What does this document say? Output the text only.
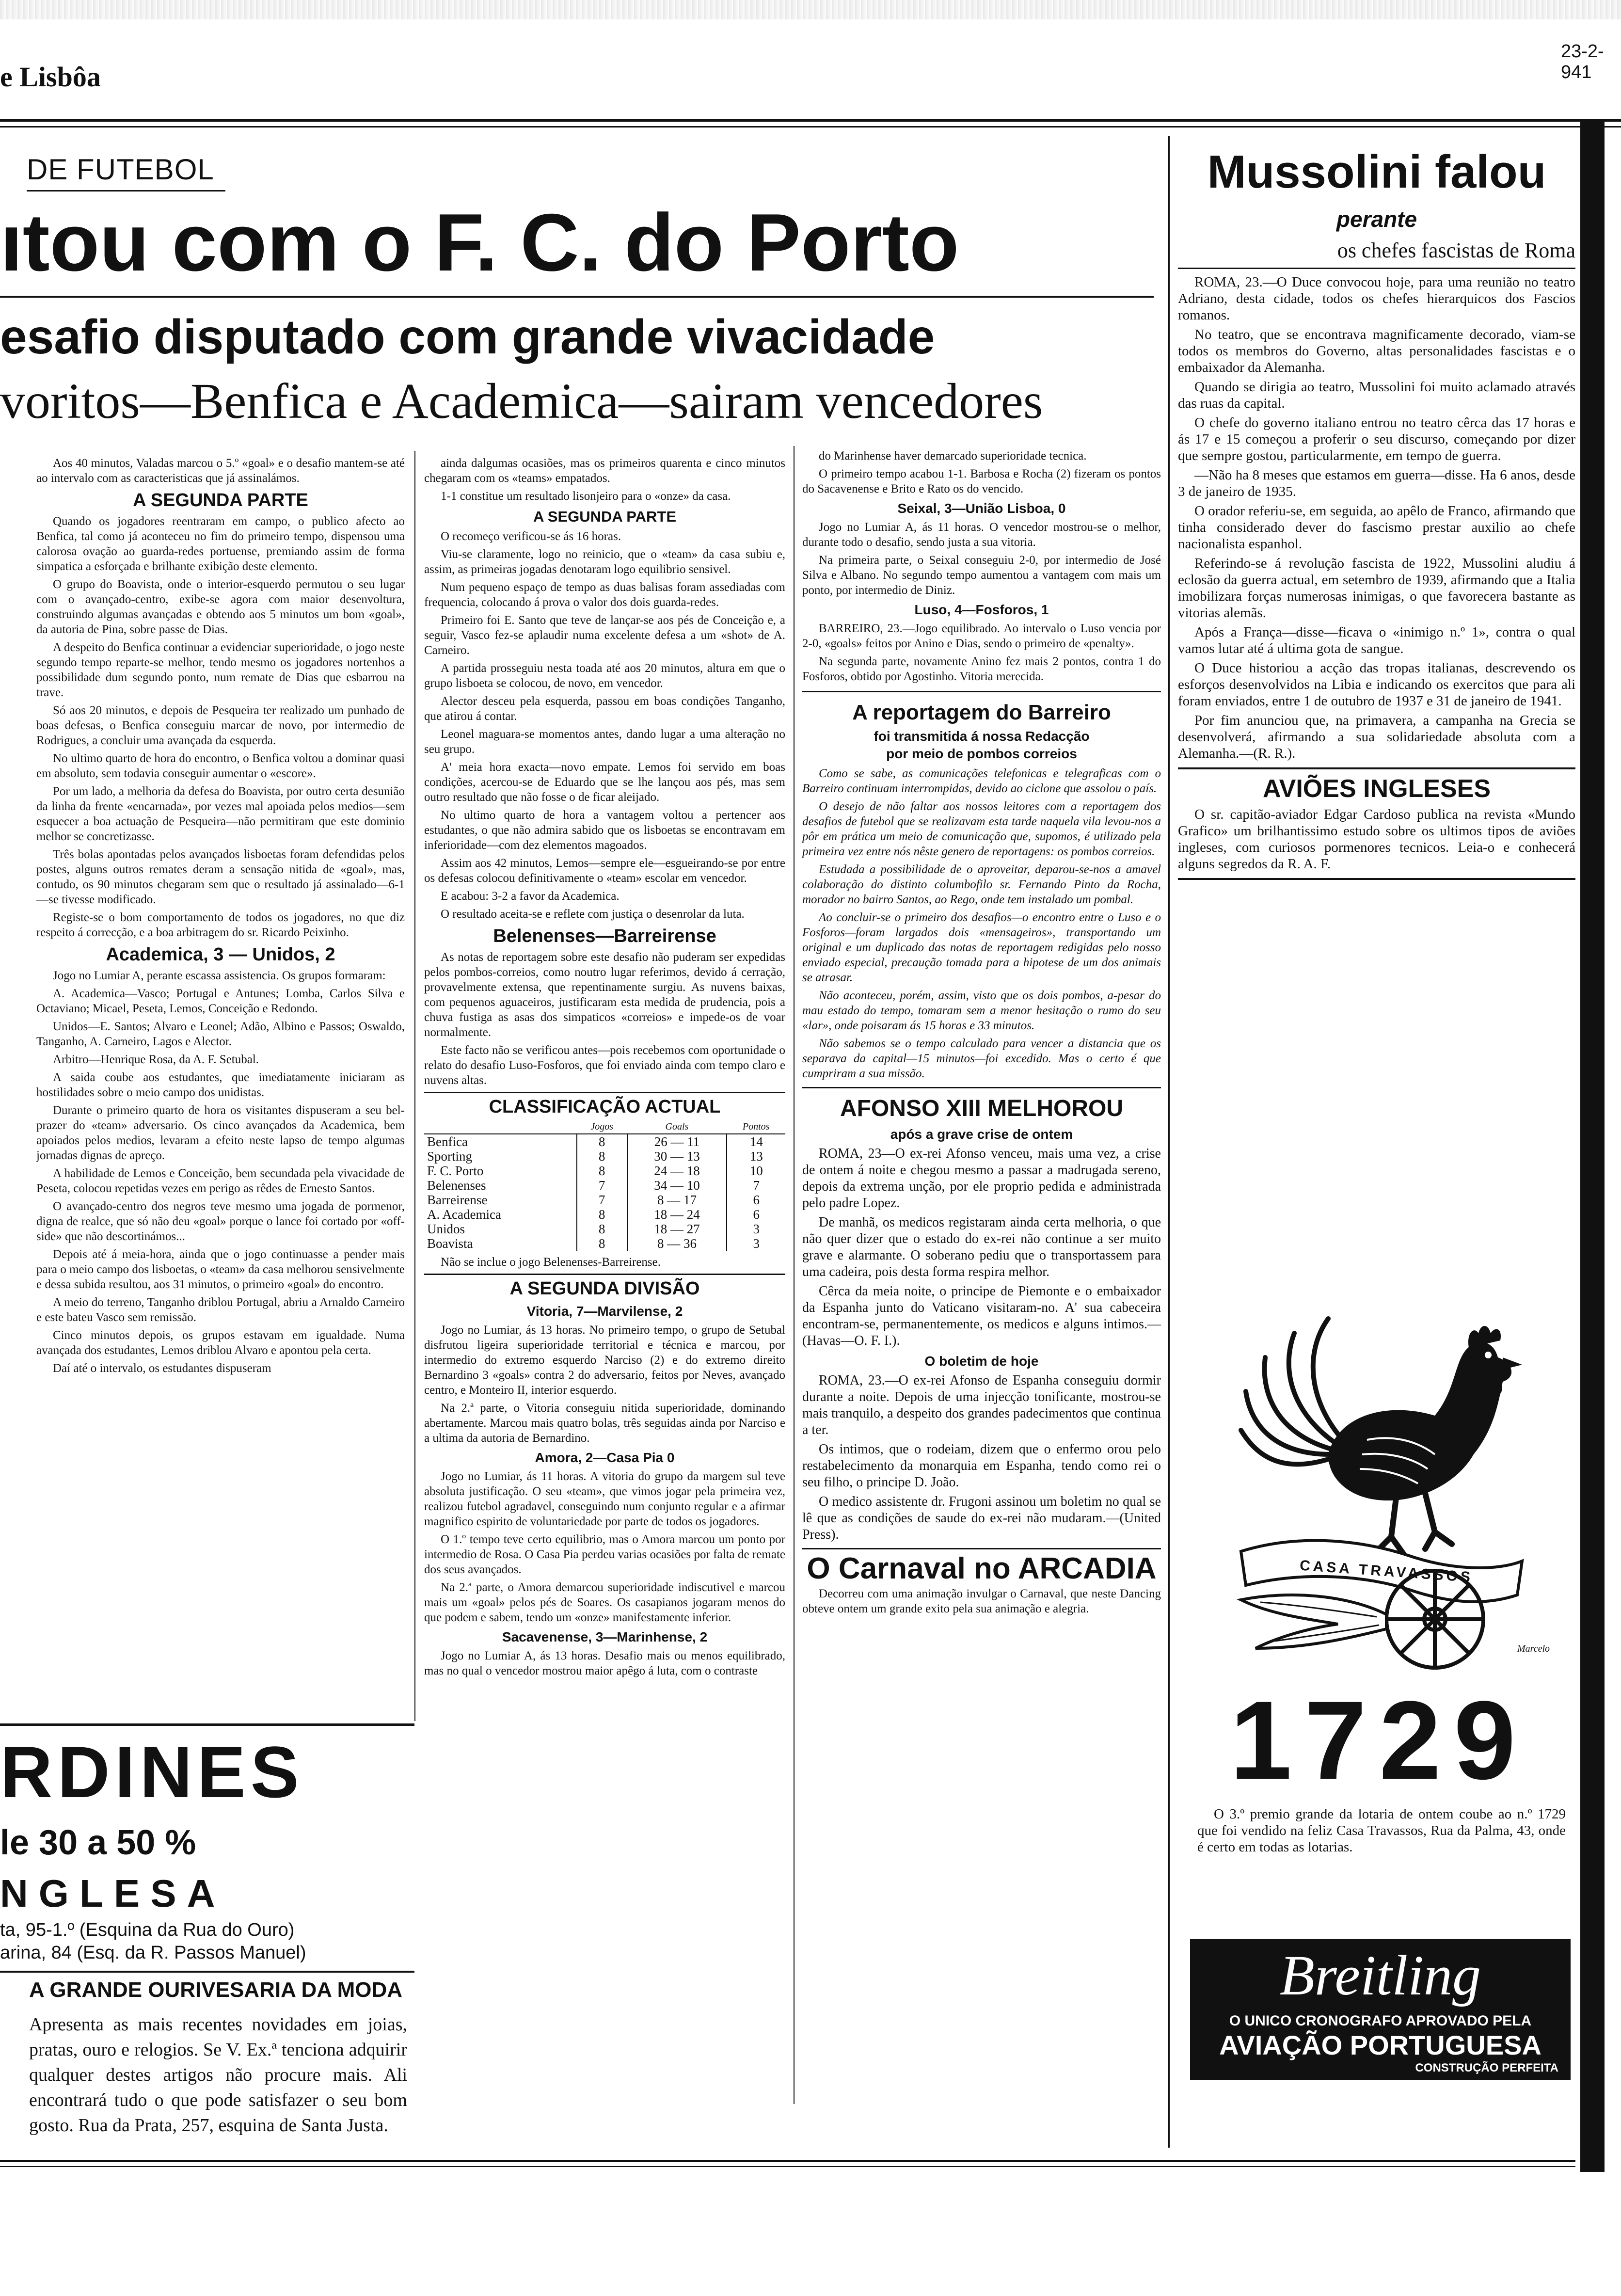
e Lisbôa
23-2-941
DE FUTEBOL
ıtou com o F. C. do Porto
esafio disputado com grande vivacidade
voritos—Benfica e Academica—sairam vencedores

Aos 40 minutos, Valadas marcou o 5.º «goal» e o desafio mantem-se até ao intervalo com as caracteristicas que já assinalámos.

A SEGUNDA PARTE

Quando os jogadores reentraram em campo, o publico afecto ao Benfica, tal como já aconteceu no fim do primeiro tempo, dispensou uma calorosa ovação ao guarda-redes portuense, premiando assim de forma simpatica a esforçada e brilhante exibição deste elemento.

O grupo do Boavista, onde o interior-esquerdo permutou o seu lugar com o avançado-centro, exibe-se agora com maior desenvoltura, construindo algumas avançadas e obtendo aos 5 minutos um bom «goal», da autoria de Pina, sobre passe de Dias.

A despeito do Benfica continuar a evidenciar superioridade, o jogo neste segundo tempo reparte-se melhor, tendo mesmo os jogadores nortenhos a possibilidade dum segundo ponto, num remate de Dias que esbarrou na trave.

Só aos 20 minutos, e depois de Pesqueira ter realizado um punhado de boas defesas, o Benfica conseguiu marcar de novo, por intermedio de Rodrigues, a concluir uma avançada da esquerda.

No ultimo quarto de hora do encontro, o Benfica voltou a dominar quasi em absoluto, sem todavia conseguir aumentar o «escore».

Por um lado, a melhoria da defesa do Boavista, por outro certa desunião da linha da frente «encarnada», por vezes mal apoiada pelos medios—sem esquecer a boa actuação de Pesqueira—não permitiram que este dominio melhor se concretizasse.

Três bolas apontadas pelos avançados lisboetas foram defendidas pelos postes, alguns outros remates deram a sensação nitida de «goal», mas, contudo, os 90 minutos chegaram sem que o resultado já assinalado—6-1—se tivesse modificado.

Registe-se o bom comportamento de todos os jogadores, no que diz respeito á correcção, e a boa arbitragem do sr. Ricardo Peixinho.

Academica, 3 — Unidos, 2

Jogo no Lumiar A, perante escassa assistencia. Os grupos formaram:

A. Academica—Vasco; Portugal e Antunes; Lomba, Carlos Silva e Octaviano; Micael, Peseta, Lemos, Conceição e Redondo.

Unidos—E. Santos; Alvaro e Leonel; Adão, Albino e Passos; Oswaldo, Tanganho, A. Carneiro, Lagos e Alector.

Arbitro—Henrique Rosa, da A. F. Setubal.

A saida coube aos estudantes, que imediatamente iniciaram as hostilidades sobre o meio campo dos unidistas.

Durante o primeiro quarto de hora os visitantes dispuseram a seu bel-prazer do «team» adversario. Os cinco avançados da Academica, bem apoiados pelos medios, levaram a efeito neste lapso de tempo algumas jornadas dignas de apreço.

A habilidade de Lemos e Conceição, bem secundada pela vivacidade de Peseta, colocou repetidas vezes em perigo as rêdes de Ernesto Santos.

O avançado-centro dos negros teve mesmo uma jogada de pormenor, digna de realce, que só não deu «goal» porque o lance foi cortado por «off-side» que não descortinámos...

Depois até á meia-hora, ainda que o jogo continuasse a pender mais para o meio campo dos lisboetas, o «team» da casa melhorou sensivelmente e dessa subida resultou, aos 31 minutos, o primeiro «goal» do encontro.

A meio do terreno, Tanganho driblou Portugal, abriu a Arnaldo Carneiro e este bateu Vasco sem remissão.

Cinco minutos depois, os grupos estavam em igualdade. Numa avançada dos estudantes, Lemos driblou Alvaro e apontou pela certa.

Daí até o intervalo, os estudantes dispuseram

RDINES
le 30 a 50 %
NGLESA
ta, 95-1.º (Esquina da Rua do Ouro)
arina, 84 (Esq. da R. Passos Manuel)
A GRANDE OURIVESARIA DA MODA
Apresenta as mais recentes novidades em joias, pratas, ouro e relogios. Se V. Ex.ª tenciona adquirir qualquer destes artigos não procure mais. Ali encontrará tudo o que pode satisfazer o seu bom gosto. Rua da Prata, 257, esquina de Santa Justa.

ainda dalgumas ocasiões, mas os primeiros quarenta e cinco minutos chegaram com os «teams» empatados.

1-1 constitue um resultado lisonjeiro para o «onze» da casa.

A SEGUNDA PARTE

O recomeço verificou-se ás 16 horas.

Viu-se claramente, logo no reinicio, que o «team» da casa subiu e, assim, as primeiras jogadas denotaram logo equilibrio sensivel.

Num pequeno espaço de tempo as duas balisas foram assediadas com frequencia, colocando á prova o valor dos dois guarda-redes.

Primeiro foi E. Santo que teve de lançar-se aos pés de Conceição e, a seguir, Vasco fez-se aplaudir numa excelente defesa a um «shot» de A. Carneiro.

A partida prosseguiu nesta toada até aos 20 minutos, altura em que o grupo lisboeta se colocou, de novo, em vencedor.

Alector desceu pela esquerda, passou em boas condições Tanganho, que atirou á contar.

Leonel maguara-se momentos antes, dando lugar a uma alteração no seu grupo.

A' meia hora exacta—novo empate. Lemos foi servido em boas condições, acercou-se de Eduardo que se lhe lançou aos pés, mas sem outro resultado que não fosse o de ficar aleijado.

No ultimo quarto de hora a vantagem voltou a pertencer aos estudantes, o que não admira sabido que os lisboetas se encontravam em inferioridade—com dez elementos magoados.

Assim aos 42 minutos, Lemos—sempre ele—esgueirando-se por entre os defesas colocou definitivamente o «team» escolar em vencedor.

E acabou: 3-2 a favor da Academica.

O resultado aceita-se e reflete com justiça o desenrolar da luta.

Belenenses—Barreirense

As notas de reportagem sobre este desafio não puderam ser expedidas pelos pombos-correios, como noutro lugar referimos, devido á cerração, provavelmente extensa, que repentinamente surgiu. As nuvens baixas, com pequenos aguaceiros, justificaram esta medida de prudencia, pois a chuva fustiga as asas dos simpaticos «correios» e impede-os de voar normalmente.

Este facto não se verificou antes—pois recebemos com oportunidade o relato do desafio Luso-Fosforos, que foi enviado ainda com tempo claro e nuvens altas.

CLASSIFICAÇÃO ACTUAL
	Jogos	Goals	Pontos
Benfica	8	26 — 11	14
Sporting	8	30 — 13	13
F. C. Porto	8	24 — 18	10
Belenenses	7	34 — 10	7
Barreirense	7	8 — 17	6
A. Academica	8	18 — 24	6
Unidos	8	18 — 27	3
Boavista	8	8 — 36	3

Não se inclue o jogo Belenenses-Barreirense.

A SEGUNDA DIVISÃO
Vitoria, 7—Marvilense, 2

Jogo no Lumiar, ás 13 horas. No primeiro tempo, o grupo de Setubal disfrutou ligeira superioridade territorial e técnica e marcou, por intermedio do extremo esquerdo Narciso (2) e do extremo direito Bernardino 3 «goals» contra 2 do adversario, feitos por Neves, avançado centro, e Monteiro II, interior esquerdo.

Na 2.ª parte, o Vitoria conseguiu nitida superioridade, dominando abertamente. Marcou mais quatro bolas, três seguidas ainda por Narciso e a ultima da autoria de Bernardino.

Amora, 2—Casa Pia 0

Jogo no Lumiar, ás 11 horas. A vitoria do grupo da margem sul teve absoluta justificação. O seu «team», que vimos jogar pela primeira vez, realizou futebol agradavel, conseguindo num conjunto regular e a afirmar magnifico espirito de voluntariedade por parte de todos os jogadores.

O 1.º tempo teve certo equilibrio, mas o Amora marcou um ponto por intermedio de Rosa. O Casa Pia perdeu varias ocasiões por falta de remate dos seus avançados.

Na 2.ª parte, o Amora demarcou superioridade indiscutivel e marcou mais um «goal» pelos pés de Soares. Os casapianos jogaram menos do que podem e sabem, tendo um «onze» manifestamente inferior.

Sacavenense, 3—Marinhense, 2

Jogo no Lumiar A, ás 13 horas. Desafio mais ou menos equilibrado, mas no qual o vencedor mostrou maior apêgo á luta, com o contraste

do Marinhense haver demarcado superioridade tecnica.

O primeiro tempo acabou 1-1. Barbosa e Rocha (2) fizeram os pontos do Sacavenense e Brito e Rato os do vencido.

Seixal, 3—União Lisboa, 0

Jogo no Lumiar A, ás 11 horas. O vencedor mostrou-se o melhor, durante todo o desafio, sendo justa a sua vitoria.

Na primeira parte, o Seixal conseguiu 2-0, por intermedio de José Silva e Albano. No segundo tempo aumentou a vantagem com mais um ponto, por intermedio de Diniz.

Luso, 4—Fosforos, 1

BARREIRO, 23.—Jogo equilibrado. Ao intervalo o Luso vencia por 2-0, «goals» feitos por Anino e Dias, sendo o primeiro de «penalty».

Na segunda parte, novamente Anino fez mais 2 pontos, contra 1 do Fosforos, obtido por Agostinho. Vitoria merecida.

A reportagem do Barreiro
foi transmitida á nossa Redacção
por meio de pombos correios

Como se sabe, as comunicações telefonicas e telegraficas com o Barreiro continuam interrompidas, devido ao ciclone que assolou o país.

O desejo de não faltar aos nossos leitores com a reportagem dos desafios de futebol que se realizavam esta tarde naquela vila levou-nos a pôr em prática um meio de comunicação que, supomos, é utilizado pela primeira vez entre nós nêste genero de reportagens: os pombos correios.

Estudada a possibilidade de o aproveitar, deparou-se-nos a amavel colaboração do distinto columbofilo sr. Fernando Pinto da Rocha, morador no bairro Santos, ao Rego, onde tem instalado um pombal.

Ao concluir-se o primeiro dos desafios—o encontro entre o Luso e o Fosforos—foram largados dois «mensageiros», transportando um original e um duplicado das notas de reportagem redigidas pelo nosso enviado especial, precaução tomada para a hipotese de um dos animais se atrasar.

Não aconteceu, porém, assim, visto que os dois pombos, a-pesar do mau estado do tempo, tomaram sem a menor hesitação o rumo do seu «lar», onde poisaram ás 15 horas e 33 minutos.

Não sabemos se o tempo calculado para vencer a distancia que os separava da capital—15 minutos—foi excedido. Mas o certo é que cumpriram a sua missão.

AFONSO XIII MELHOROU
após a grave crise de ontem

ROMA, 23—O ex-rei Afonso venceu, mais uma vez, a crise de ontem á noite e chegou mesmo a passar a madrugada sereno, depois da extrema unção, por ele proprio pedida e administrada pelo padre Lopez.

De manhã, os medicos registaram ainda certa melhoria, o que não quer dizer que o estado do ex-rei não continue a ser muito grave e alarmante. O soberano pediu que o transportassem para uma cadeira, pois desta forma respira melhor.

Cêrca da meia noite, o principe de Piemonte e o embaixador da Espanha junto do Vaticano visitaram-no. A' sua cabeceira encontram-se, permanentemente, os medicos e alguns intimos.—(Havas—O. F. I.).

O boletim de hoje

ROMA, 23.—O ex-rei Afonso de Espanha conseguiu dormir durante a noite. Depois de uma injecção tonificante, mostrou-se mais tranquilo, a despeito dos grandes padecimentos que continua a ter.

Os intimos, que o rodeiam, dizem que o enfermo orou pelo restabelecimento da monarquia em Espanha, tendo como rei o seu filho, o principe D. João.

O medico assistente dr. Frugoni assinou um boletim no qual se lê que as condições de saude do ex-rei não mudaram.—(United Press).

O Carnaval no ARCADIA

Decorreu com uma animação invulgar o Carnaval, que neste Dancing obteve ontem um grande exito pela sua animação e alegria.

Mussolini falou
perante
os chefes fascistas de Roma

ROMA, 23.—O Duce convocou hoje, para uma reunião no teatro Adriano, desta cidade, todos os chefes hierarquicos dos Fascios romanos.

No teatro, que se encontrava magnificamente decorado, viam-se todos os membros do Governo, altas personalidades fascistas e o embaixador da Alemanha.

Quando se dirigia ao teatro, Mussolini foi muito aclamado através das ruas da capital.

O chefe do governo italiano entrou no teatro cêrca das 17 horas e ás 17 e 15 começou a proferir o seu discurso, começando por dizer que sempre gostou, particularmente, em tempo de guerra.

—Não ha 8 meses que estamos em guerra—disse. Ha 6 anos, desde 3 de janeiro de 1935.

O orador referiu-se, em seguida, ao apêlo de Franco, afirmando que tinha considerado dever do fascismo prestar auxilio ao chefe nacionalista espanhol.

Referindo-se á revolução fascista de 1922, Mussolini aludiu á eclosão da guerra actual, em setembro de 1939, afirmando que a Italia imobilizara forças numerosas inimigas, o que favorecera bastante as vitorias alemãs.

Após a França—disse—ficava o «inimigo n.º 1», contra o qual vamos lutar até á ultima gota de sangue.

O Duce historiou a acção das tropas italianas, descrevendo os esforços desenvolvidos na Libia e indicando os exercitos que para ali foram enviados, entre 1 de outubro de 1937 e 31 de janeiro de 1941.

Por fim anunciou que, na primavera, a campanha na Grecia se desenvolverá, afirmando a sua solidariedade absoluta com a Alemanha.—(R. R.).

AVIÕES INGLESES

O sr. capitão-aviador Edgar Cardoso publica na revista «Mundo Grafico» um brilhantissimo estudo sobre os ultimos tipos de aviões ingleses, com curiosos pormenores tecnicos. Leia-o e conhecerá alguns segredos da R. A. F.

CASA TRAVASSOS
Marcelo
1729
O 3.º premio grande da lotaria de ontem coube ao n.º 1729 que foi vendido na feliz Casa Travassos, Rua da Palma, 43, onde é certo em todas as lotarias.
Breitling
O UNICO CRONOGRAFO APROVADO PELA
AVIAÇÃO PORTUGUESA
CONSTRUÇÃO PERFEITA
